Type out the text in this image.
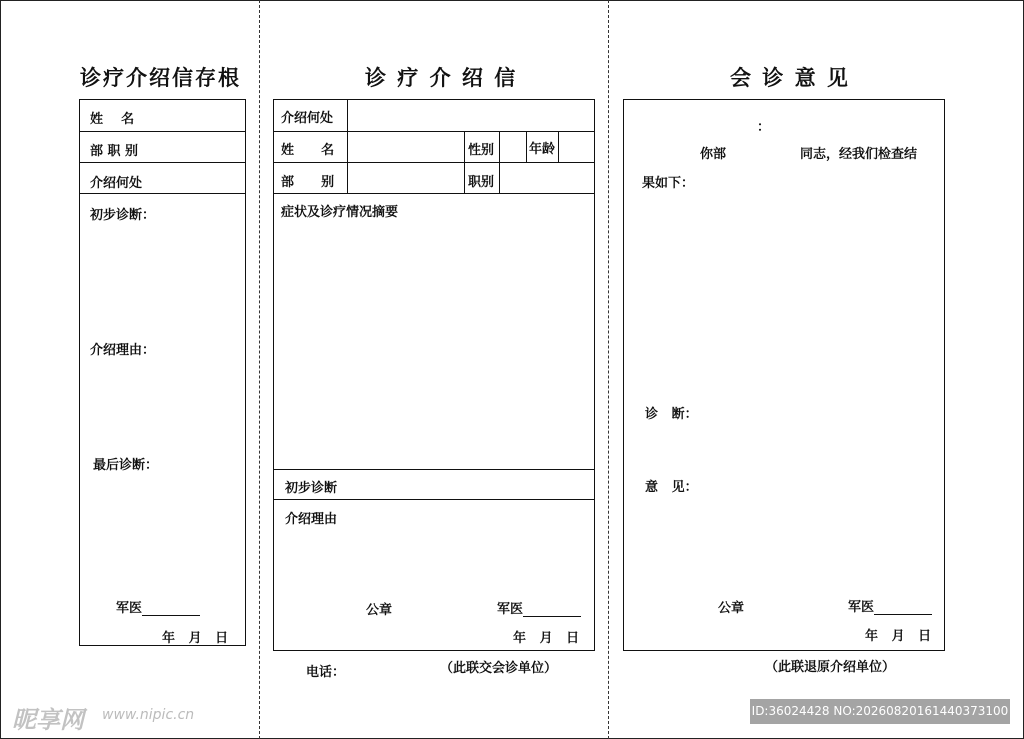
诊疗介绍信存根
姓    名
部 职 别
介绍何处
初步诊断：
介绍理由：
最后诊断：
军医
年   月   日
诊 疗 介 绍 信
介绍何处
姓      名	性别	年龄
部      别	职别
症状及诊疗情况摘要
初步诊断
介绍理由
公章	军医
年   月   日
电话：	（此联交会诊单位）
会 诊 意 见
：
你部	同志，经我们检查结
果如下：
诊   断：
意   见：
公章	军医
年   月   日
（此联退原介绍单位）
昵享网 www.nipic.cn	ID:36024428 NO:20260820161440373100
